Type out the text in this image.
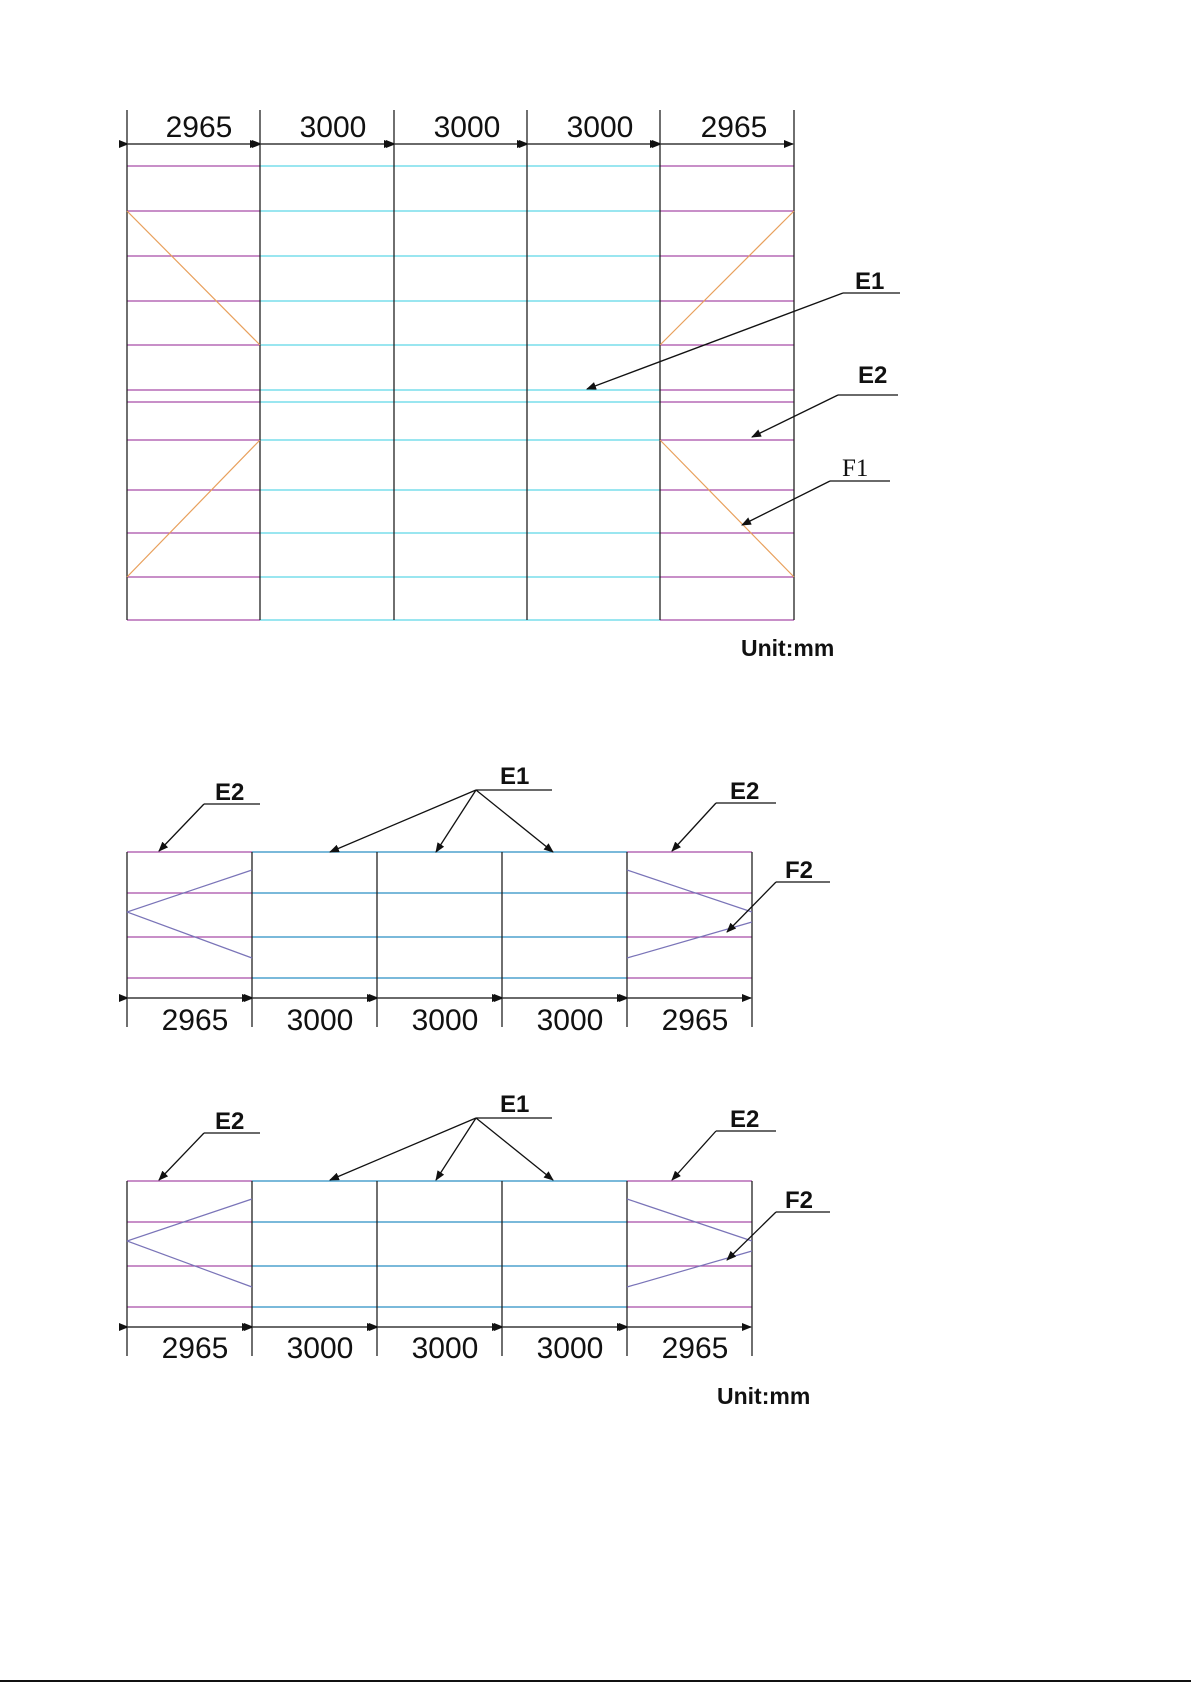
2965 3000 3000 3000 2965
E1
E2
F1
Unit:mm
2965 3000 3000 3000 2965
E1
E2	E2
F2
2965 3000 3000 3000 2965
E1
E2	E2
F2
Unit:mm
